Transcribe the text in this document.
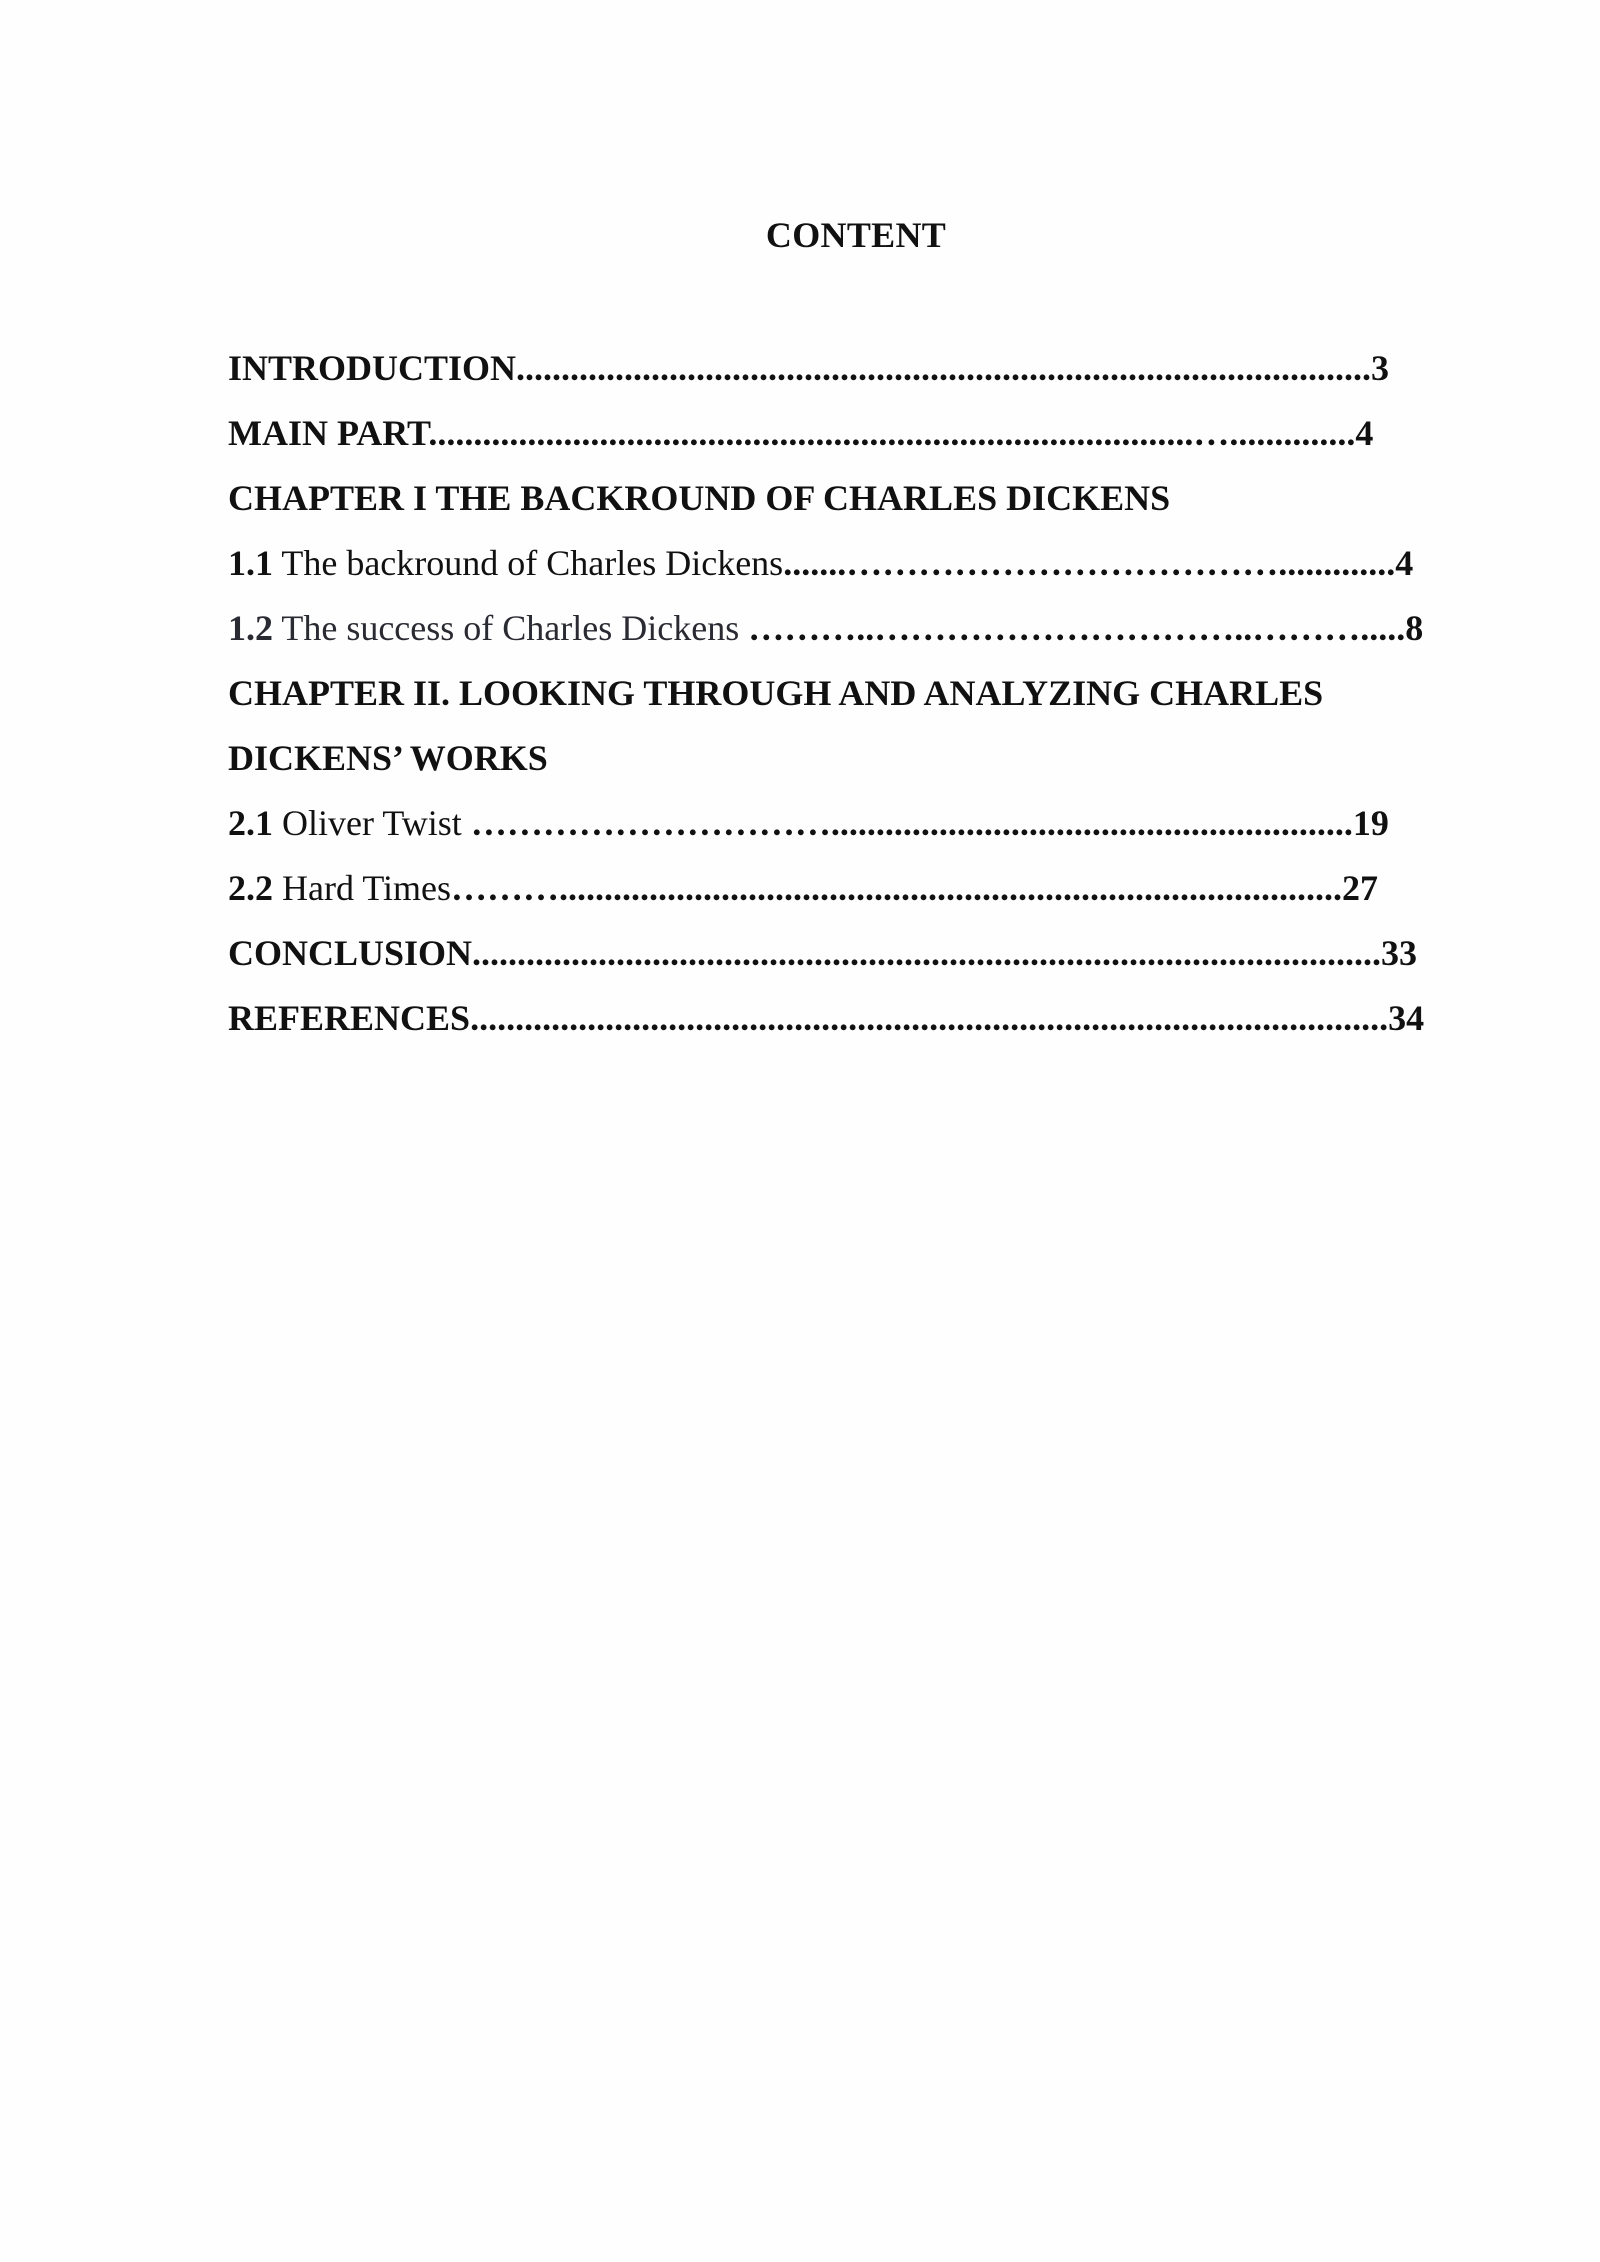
CONTENT
INTRODUCTION...............................................................................................3
MAIN PART.....................................................................................…..............4
CHAPTER I THE BACKROUND OF CHARLES DICKENS
1.1 The backround of Charles Dickens.......……………………………….............4
1.2 The success of Charles Dickens ………..…………………………..……….....8
CHAPTER II. LOOKING THROUGH AND ANALYZING CHARLES
DICKENS’ WORKS
2.1 Oliver Twist …………………………..........................................................19
2.2 Hard Times……….......................................................................................27
CONCLUSION.....................................................................................................33
REFERENCES......................................................................................................34
